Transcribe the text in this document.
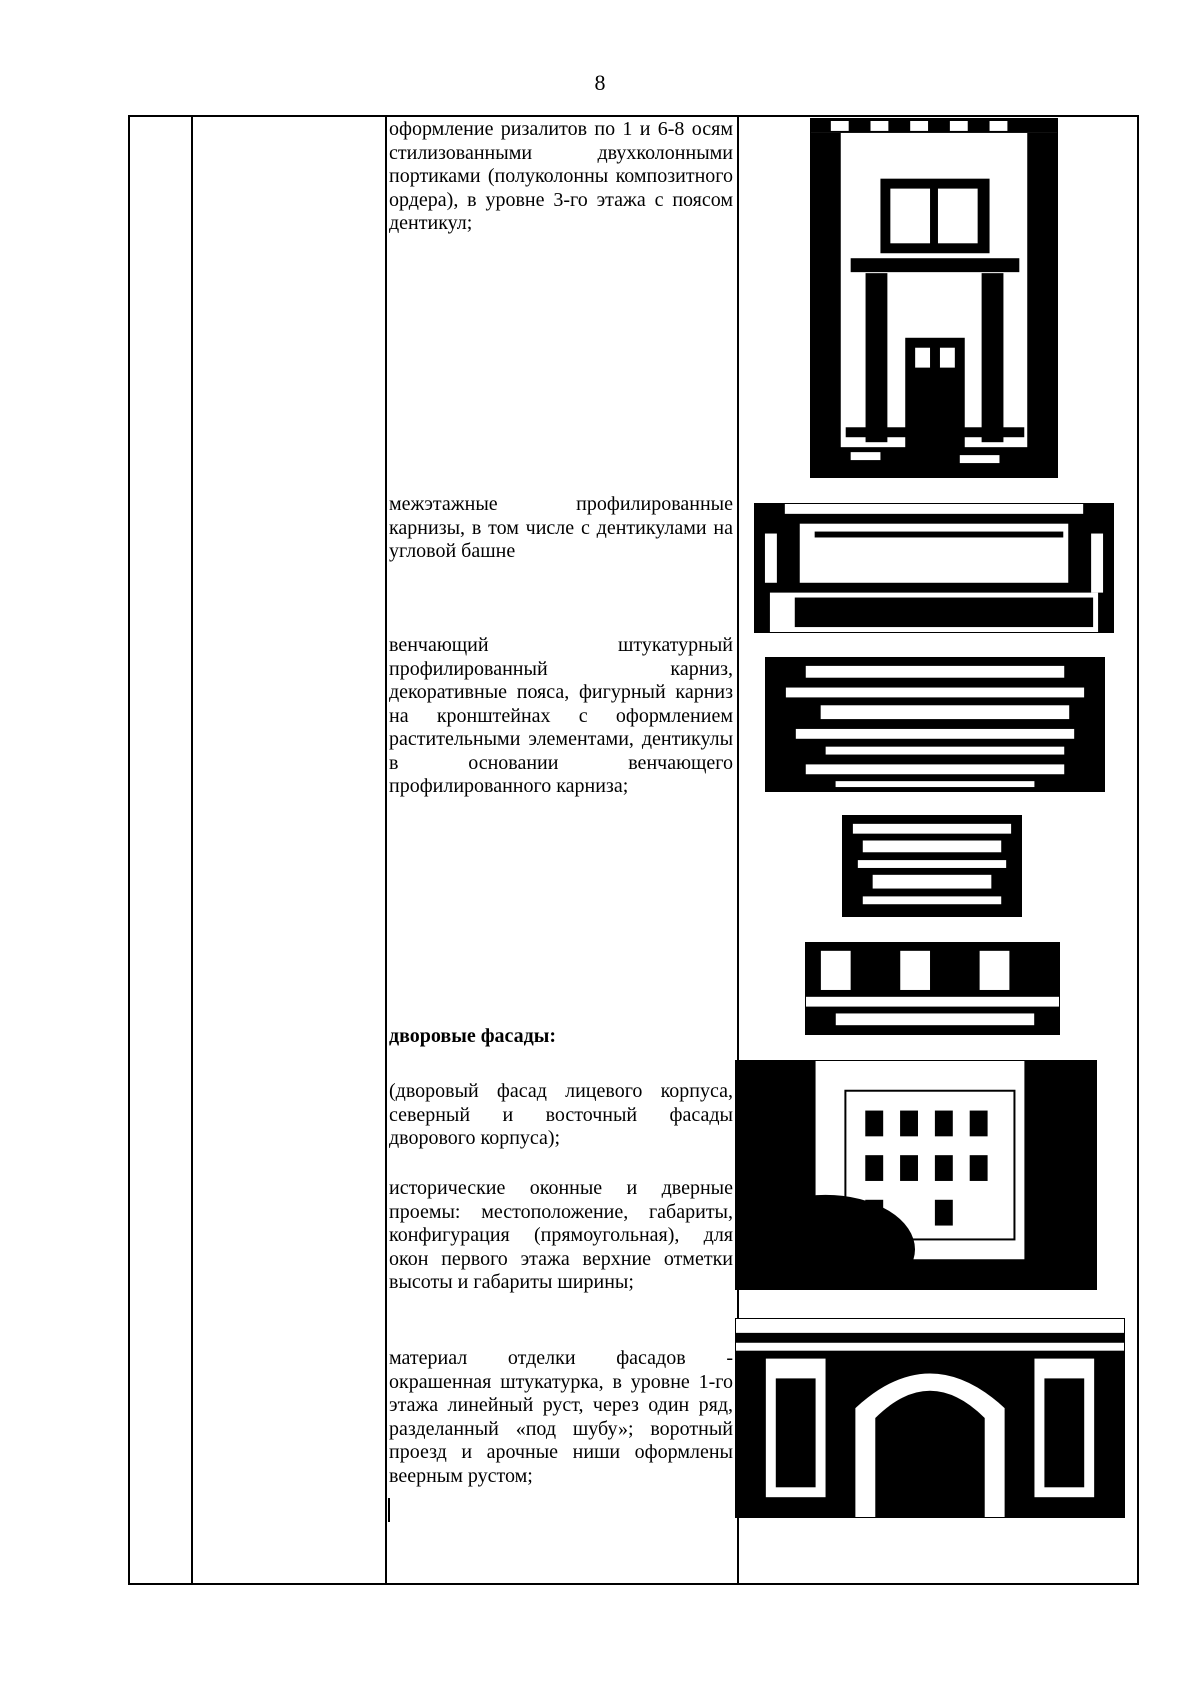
8
оформление ризалитов по 1 и 6-8 осям стилизованными двухколонными портиками (полуколонны композитного ордера), в уровне 3-го этажа с поясом дентикул;
межэтажные профилированные карнизы, в том числе с дентикулами на угловой башне
венчающий штукатурный профилированный карниз, декоративные пояса, фигурный карниз на кронштейнах с оформлением растительными элементами, дентикулы в основании венчающего профилированного карниза;
дворовые фасады:
(дворовый фасад лицевого корпуса, северный и восточный фасады дворового корпуса);
исторические оконные и дверные проемы: местоположение, габариты, конфигурация (прямоугольная), для окон первого этажа верхние отметки высоты и габариты ширины;
материал отделки фасадов - окрашенная штукатурка, в уровне 1-го этажа линейный руст, через один ряд, разделанный «под шубу»; воротный проезд и арочные ниши оформлены веерным рустом;
